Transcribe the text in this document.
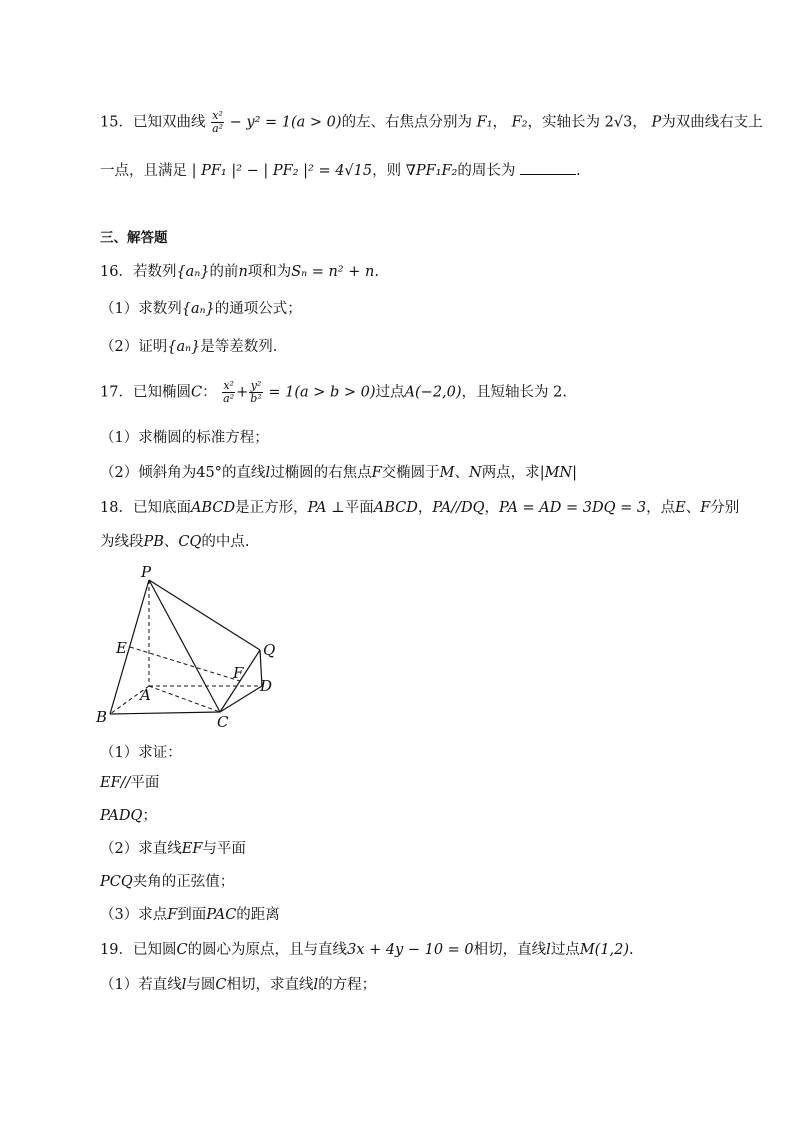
15．已知双曲线 $\frac{\text{x²}}{\text{a²}} - y^2 = 1(a > 0)$的左、右焦点分别为 F₁， F₂，实轴长为 2√3， P为双曲线右支上
一点，且满足 | PF₁ |² − | PF₂ |² = 4√15，则 ∇PF₁F₂的周长为	.
三、解答题
16．若数列{aₙ}的前n项和为Sₙ = n² + n.
（1）求数列{aₙ}的通项公式；
（2）证明{aₙ}是等差数列.
17．已知椭圆C： $\frac{\text{x²}}{\text{a²}} + \frac{\text{y²}}{\text{b²}} = 1(a > b > 0)$过点A(−2,0)，且短轴长为 2.
（1）求椭圆的标准方程；
（2）倾斜角为45°的直线l过椭圆的右焦点F交椭圆于M、N两点，求|MN|
18．已知底面ABCD是正方形，PA ⊥平面ABCD，PA//DQ，PA = AD = 3DQ = 3，点E、F分别
为线段PB、CQ的中点.
P
E	Q
F
D
A
B	C
（1）求证：
EF//平面
PADQ；
（2）求直线EF与平面
PCQ夹角的正弦值；
（3）求点F到面PAC的距离
19．已知圆C的圆心为原点，且与直线3x + 4y − 10 = 0相切，直线l过点M(1,2).
（1）若直线l与圆C相切，求直线l的方程；
